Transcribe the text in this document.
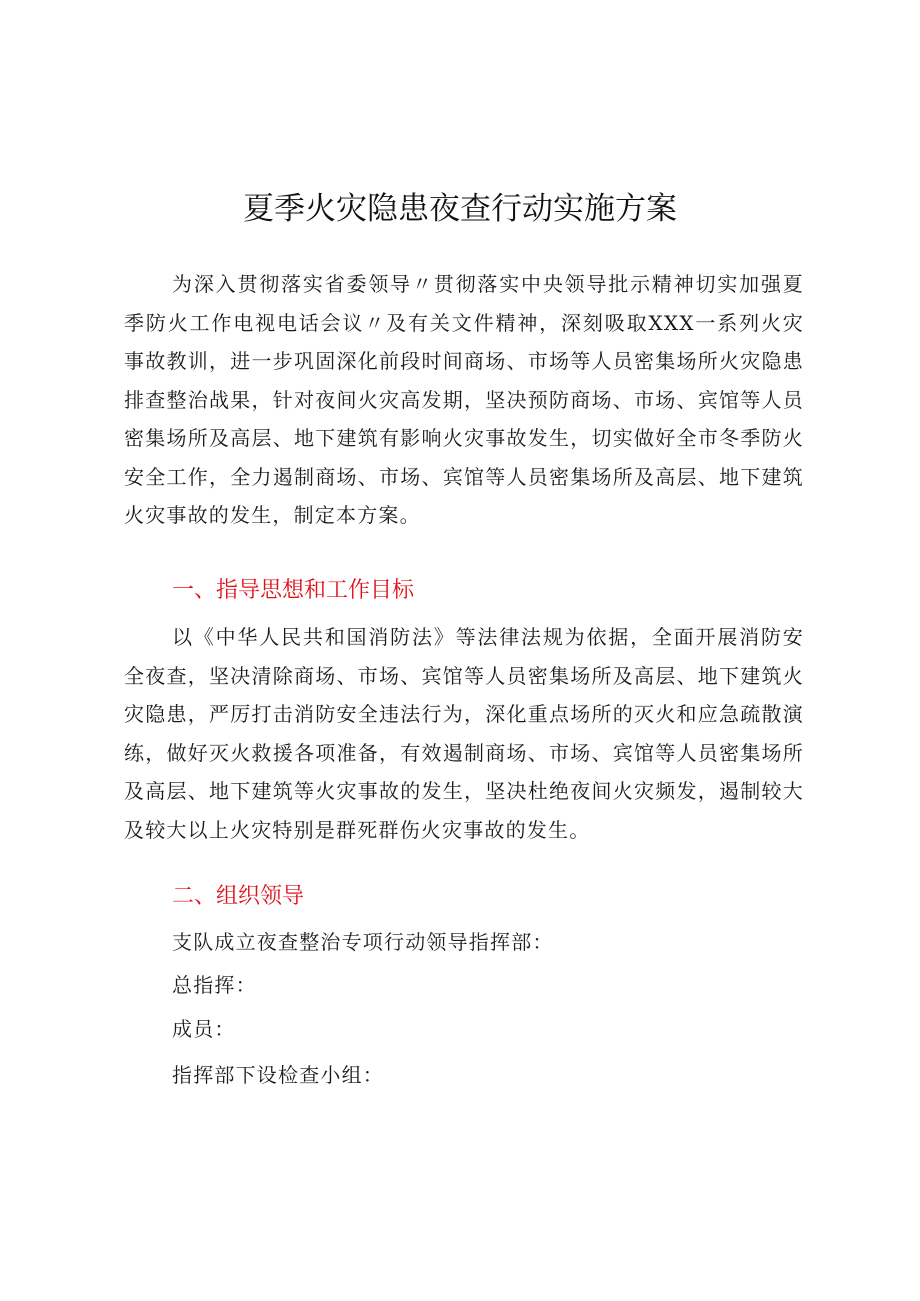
夏季火灾隐患夜查行动实施方案
为深入贯彻落实省委领导〃贯彻落实中央领导批示精神切实加强夏季防火工作电视电话会议〃及有关文件精神，深刻吸取XXX一系列火灾事故教训，进一步巩固深化前段时间商场、市场等人员密集场所火灾隐患排查整治战果，针对夜间火灾高发期，坚决预防商场、市场、宾馆等人员密集场所及高层、地下建筑有影响火灾事故发生，切实做好全市冬季防火安全工作，全力遏制商场、市场、宾馆等人员密集场所及高层、地下建筑火灾事故的发生，制定本方案。
一、指导思想和工作目标
以《中华人民共和国消防法》等法律法规为依据，全面开展消防安全夜查，坚决清除商场、市场、宾馆等人员密集场所及高层、地下建筑火灾隐患，严厉打击消防安全违法行为，深化重点场所的灭火和应急疏散演练，做好灭火救援各项准备，有效遏制商场、市场、宾馆等人员密集场所及高层、地下建筑等火灾事故的发生，坚决杜绝夜间火灾频发，遏制较大及较大以上火灾特别是群死群伤火灾事故的发生。
二、组织领导
支队成立夜查整治专项行动领导指挥部：
总指挥：
成员：
指挥部下设检查小组：
